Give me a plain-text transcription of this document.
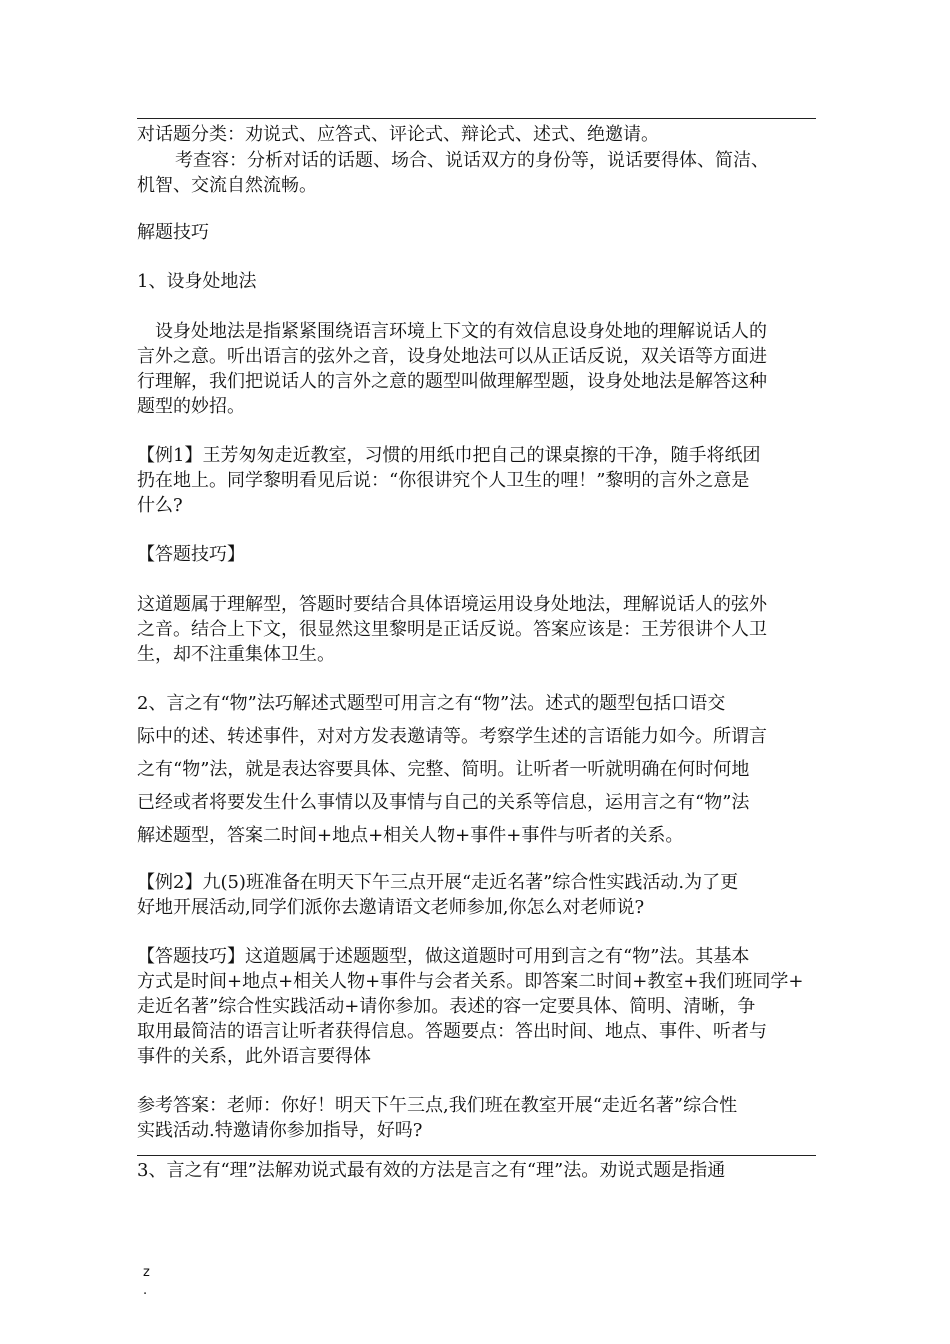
对话题分类：劝说式、应答式、评论式、辩论式、述式、绝邀请。
考查容：分析对话的话题、场合、说话双方的身份等，说话要得体、简洁、
机智、交流自然流畅。
解题技巧
1、设身处地法
设身处地法是指紧紧围绕语言环境上下文的有效信息设身处地的理解说话人的
言外之意。听出语言的弦外之音，设身处地法可以从正话反说，双关语等方面进
行理解，我们把说话人的言外之意的题型叫做理解型题，设身处地法是解答这种
题型的妙招。
【例1】王芳匆匆走近教室，习惯的用纸巾把自己的课桌擦的干净，随手将纸团
扔在地上。同学黎明看见后说：“你很讲究个人卫生的哩！”黎明的言外之意是
什么?
【答题技巧】
这道题属于理解型，答题时要结合具体语境运用设身处地法，理解说话人的弦外
之音。结合上下文，很显然这里黎明是正话反说。答案应该是：王芳很讲个人卫
生，却不注重集体卫生。
2、言之有“物”法巧解述式题型可用言之有“物”法。述式的题型包括口语交
际中的述、转述事件，对对方发表邀请等。考察学生述的言语能力如今。所谓言
之有“物”法，就是表达容要具体、完整、简明。让听者一听就明确在何时何地
已经或者将要发生什么事情以及事情与自己的关系等信息，运用言之有“物”法
解述题型，答案二时间+地点+相关人物+事件+事件与听者的关系。
【例2】九(5)班准备在明天下午三点开展“走近名著”综合性实践活动.为了更
好地开展活动,同学们派你去邀请语文老师参加,你怎么对老师说?
【答题技巧】这道题属于述题题型，做这道题时可用到言之有“物”法。其基本
方式是时间+地点+相关人物+事件与会者关系。即答案二时间+教室+我们班同学+
走近名著”综合性实践活动+请你参加。表述的容一定要具体、简明、清晰，争
取用最简洁的语言让听者获得信息。答题要点：答出时间、地点、事件、听者与
事件的关系，此外语言要得体
参考答案：老师：你好！明天下午三点,我们班在教室开展“走近名著”综合性
实践活动.特邀请你参加指导，好吗?
3、言之有“理”法解劝说式最有效的方法是言之有“理”法。劝说式题是指通
z
.
